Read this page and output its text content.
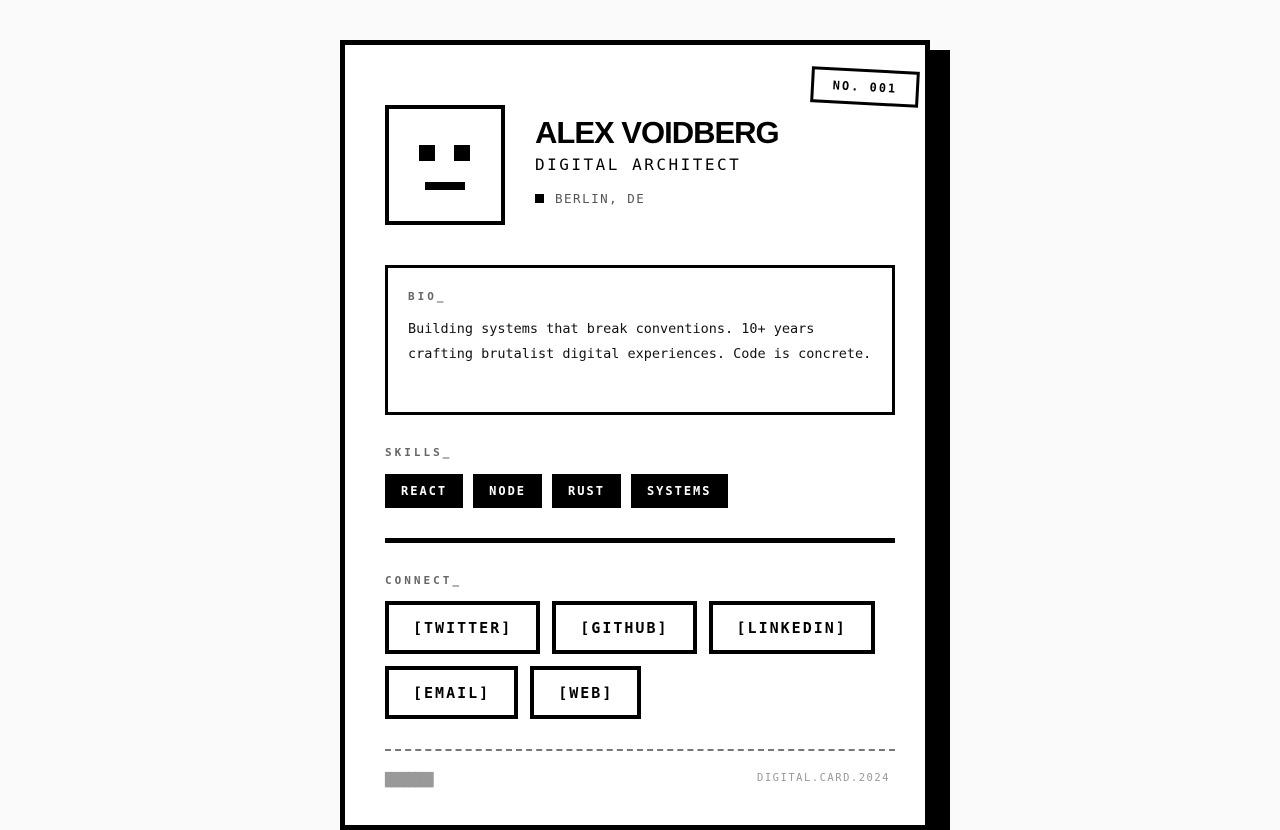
NO. 001
ALEX VOIDBERG
DIGITAL ARCHITECT
BERLIN, DE
BIO_
Building systems that break conventions. 10+ years crafting brutalist digital experiences. Code is concrete.
SKILLS_
REACT	NODE	RUST	SYSTEMS
CONNECT_
[TWITTER]	[GITHUB]	[LINKEDIN]
[EMAIL]	[WEB]
████████	DIGITAL.CARD.2024
